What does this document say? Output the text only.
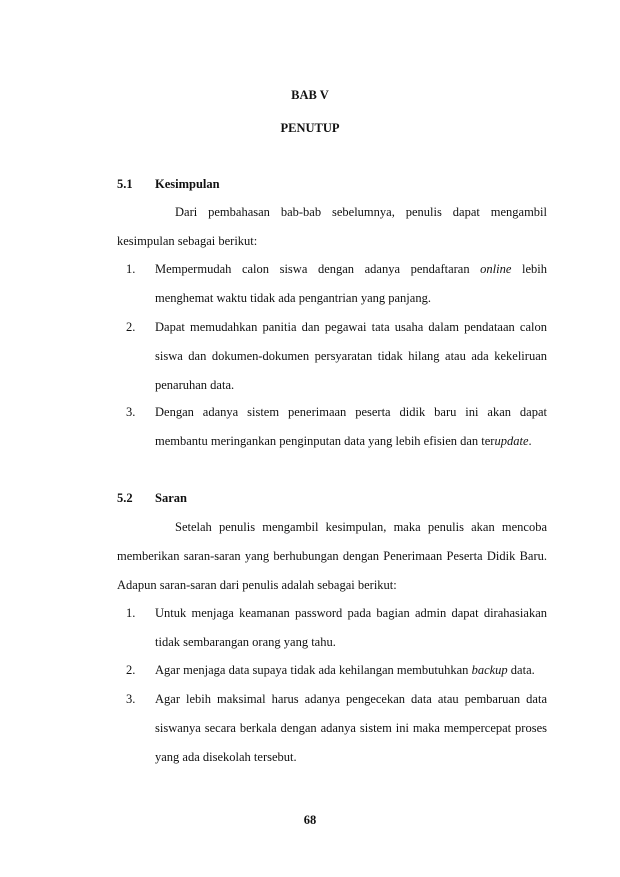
BAB V
PENUTUP
5.1 Kesimpulan
Dari pembahasan bab-bab sebelumnya, penulis dapat mengambil
kesimpulan sebagai berikut:
1. Mempermudah calon siswa dengan adanya pendaftaran online lebih
menghemat waktu tidak ada pengantrian yang panjang.
2. Dapat memudahkan panitia dan pegawai tata usaha dalam pendataan calon
siswa dan dokumen-dokumen persyaratan tidak hilang atau ada kekeliruan
penaruhan data.
3. Dengan adanya sistem penerimaan peserta didik baru ini akan dapat
membantu meringankan penginputan data yang lebih efisien dan terupdate.
5.2 Saran
Setelah penulis mengambil kesimpulan, maka penulis akan mencoba
memberikan saran-saran yang berhubungan dengan Penerimaan Peserta Didik Baru.
Adapun saran-saran dari penulis adalah sebagai berikut:
1. Untuk menjaga keamanan password pada bagian admin dapat dirahasiakan
tidak sembarangan orang yang tahu.
2. Agar menjaga data supaya tidak ada kehilangan membutuhkan backup data.
3. Agar lebih maksimal harus adanya pengecekan data atau pembaruan data
siswanya secara berkala dengan adanya sistem ini maka mempercepat proses
yang ada disekolah tersebut.
68
